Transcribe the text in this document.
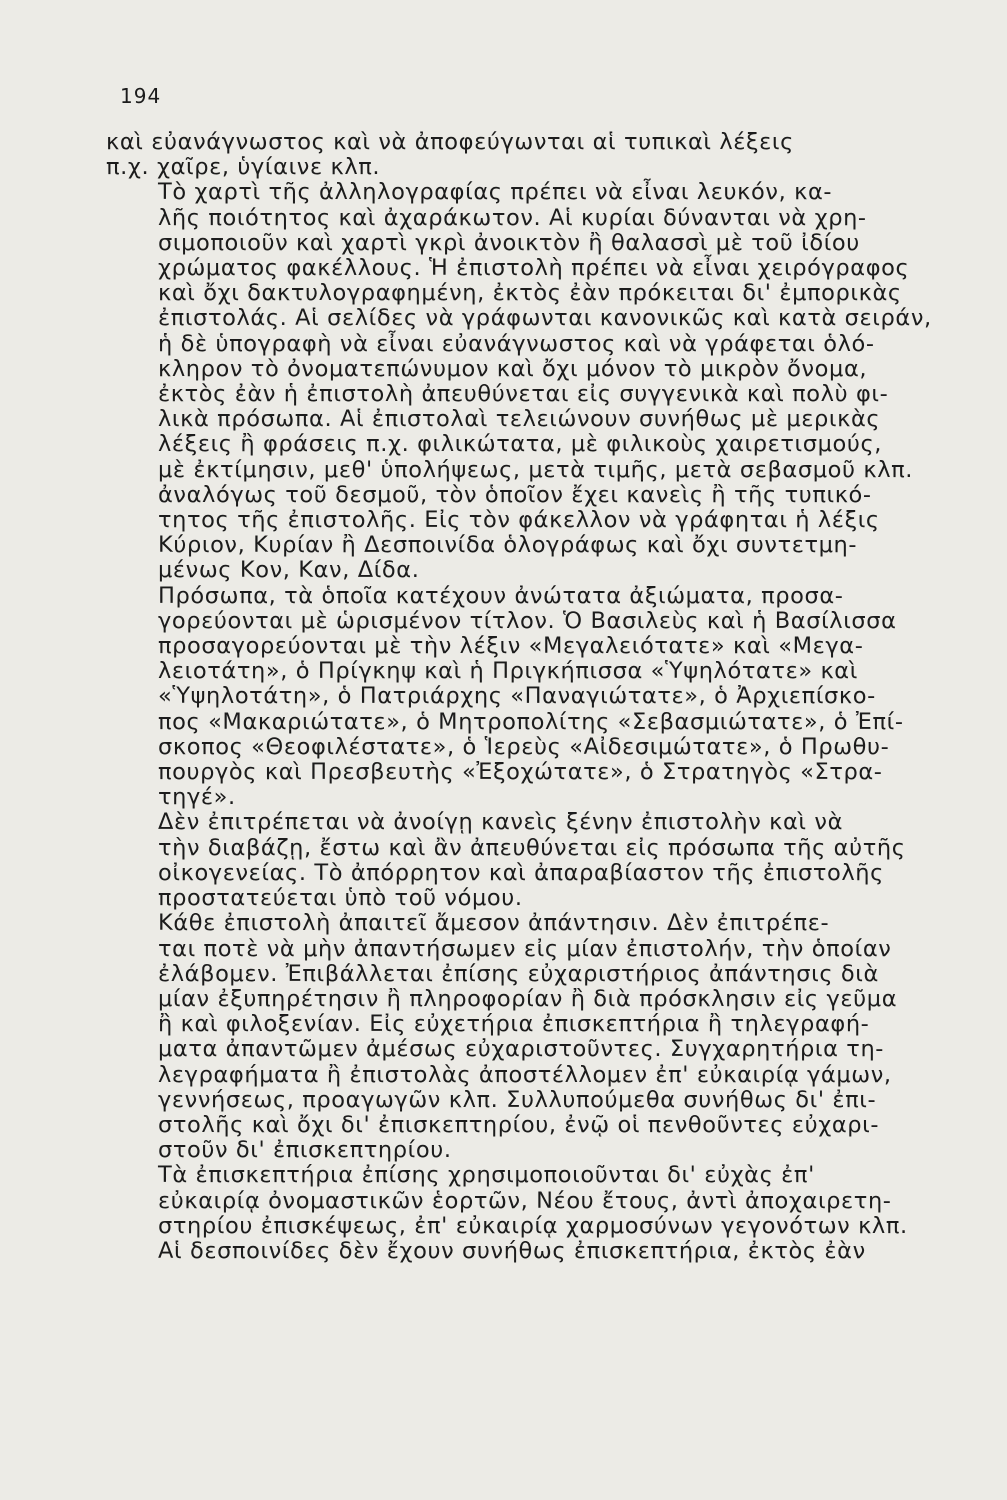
194

καὶ εὐανάγνωστος καὶ νὰ ἀποφεύγωνται αἱ τυπικαὶ λέξεις
π.χ. χαῖρε, ὑγίαινε κλπ.

Τὸ χαρτὶ τῆς ἀλληλογραφίας πρέπει νὰ εἶναι λευκόν, κα-
λῆς ποιότητος καὶ ἀχαράκωτον. Αἱ κυρίαι δύνανται νὰ χρη-
σιμοποιοῦν καὶ χαρτὶ γκρὶ ἀνοικτὸν ἢ θαλασσὶ μὲ τοῦ ἰδίου
χρώματος φακέλλους. Ἡ ἐπιστολὴ πρέπει νὰ εἶναι χειρόγραφος
καὶ ὄχι δακτυλογραφημένη, ἐκτὸς ἐὰν πρόκειται δι' ἐμπορικὰς
ἐπιστολάς. Αἱ σελίδες νὰ γράφωνται κανονικῶς καὶ κατὰ σειράν,
ἡ δὲ ὑπογραφὴ νὰ εἶναι εὐανάγνωστος καὶ νὰ γράφεται ὁλό-
κληρον τὸ ὀνοματεπώνυμον καὶ ὄχι μόνον τὸ μικρὸν ὄνομα,
ἐκτὸς ἐὰν ἡ ἐπιστολὴ ἀπευθύνεται εἰς συγγενικὰ καὶ πολὺ φι-
λικὰ πρόσωπα. Αἱ ἐπιστολαὶ τελειώνουν συνήθως μὲ μερικὰς
λέξεις ἢ φράσεις π.χ. φιλικώτατα, μὲ φιλικοὺς χαιρετισμούς,
μὲ ἐκτίμησιν, μεθ' ὑπολήψεως, μετὰ τιμῆς, μετὰ σεβασμοῦ κλπ.
ἀναλόγως τοῦ δεσμοῦ, τὸν ὁποῖον ἔχει κανεὶς ἢ τῆς τυπικό-
τητος τῆς ἐπιστολῆς. Εἰς τὸν φάκελλον νὰ γράφηται ἡ λέξις
Κύριον, Κυρίαν ἢ Δεσποινίδα ὁλογράφως καὶ ὄχι συντετμη-
μένως Κον, Καν, Δίδα.

Πρόσωπα, τὰ ὁποῖα κατέχουν ἀνώτατα ἀξιώματα, προσα-
γορεύονται μὲ ὡρισμένον τίτλον. Ὁ Βασιλεὺς καὶ ἡ Βασίλισσα
προσαγορεύονται μὲ τὴν λέξιν «Μεγαλειότατε» καὶ «Μεγα-
λειοτάτη», ὁ Πρίγκηψ καὶ ἡ Πριγκήπισσα «Ὑψηλότατε» καὶ
«Ὑψηλοτάτη», ὁ Πατριάρχης «Παναγιώτατε», ὁ Ἀρχιεπίσκο-
πος «Μακαριώτατε», ὁ Μητροπολίτης «Σεβασμιώτατε», ὁ Ἐπί-
σκοπος «Θεοφιλέστατε», ὁ Ἱερεὺς «Αἰδεσιμώτατε», ὁ Πρωθυ-
πουργὸς καὶ Πρεσβευτὴς «Ἐξοχώτατε», ὁ Στρατηγὸς «Στρα-
τηγέ».

Δὲν ἐπιτρέπεται νὰ ἀνοίγῃ κανεὶς ξένην ἐπιστολὴν καὶ νὰ
τὴν διαβάζῃ, ἔστω καὶ ἂν ἀπευθύνεται εἰς πρόσωπα τῆς αὐτῆς
οἰκογενείας. Τὸ ἀπόρρητον καὶ ἀπαραβίαστον τῆς ἐπιστολῆς
προστατεύεται ὑπὸ τοῦ νόμου.

Κάθε ἐπιστολὴ ἀπαιτεῖ ἄμεσον ἀπάντησιν. Δὲν ἐπιτρέπε-
ται ποτὲ νὰ μὴν ἀπαντήσωμεν εἰς μίαν ἐπιστολήν, τὴν ὁποίαν
ἐλάβομεν. Ἐπιβάλλεται ἐπίσης εὐχαριστήριος ἀπάντησις διὰ
μίαν ἐξυπηρέτησιν ἢ πληροφορίαν ἢ διὰ πρόσκλησιν εἰς γεῦμα
ἢ καὶ φιλοξενίαν. Εἰς εὐχετήρια ἐπισκεπτήρια ἢ τηλεγραφή-
ματα ἀπαντῶμεν ἀμέσως εὐχαριστοῦντες. Συγχαρητήρια τη-
λεγραφήματα ἢ ἐπιστολὰς ἀποστέλλομεν ἐπ' εὐκαιρίᾳ γάμων,
γεννήσεως, προαγωγῶν κλπ. Συλλυπούμεθα συνήθως δι' ἐπι-
στολῆς καὶ ὄχι δι' ἐπισκεπτηρίου, ἐνῷ οἱ πενθοῦντες εὐχαρι-
στοῦν δι' ἐπισκεπτηρίου.

Τὰ ἐπισκεπτήρια ἐπίσης χρησιμοποιοῦνται δι' εὐχὰς ἐπ'
εὐκαιρίᾳ ὀνομαστικῶν ἑορτῶν, Νέου ἔτους, ἀντὶ ἀποχαιρετη-
στηρίου ἐπισκέψεως, ἐπ' εὐκαιρίᾳ χαρμοσύνων γεγονότων κλπ.
Αἱ δεσποινίδες δὲν ἔχουν συνήθως ἐπισκεπτήρια, ἐκτὸς ἐὰν
